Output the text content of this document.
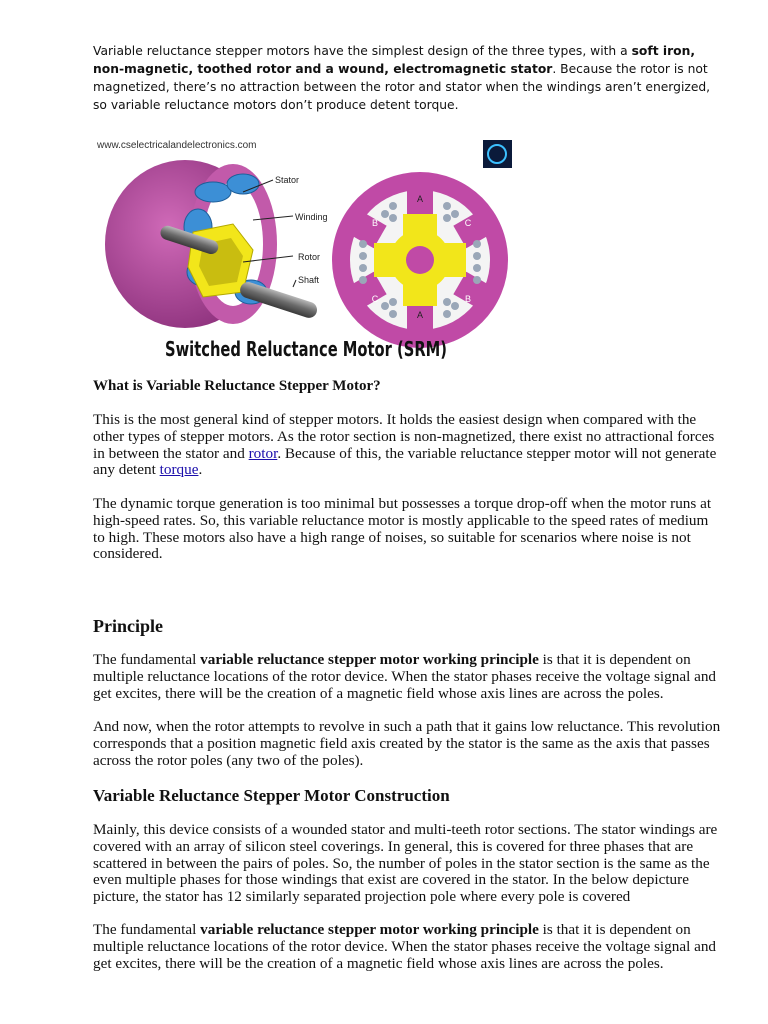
Variable reluctance stepper motors have the simplest design of the three types, with a soft iron, non-magnetic, toothed rotor and a wound, electromagnetic stator. Because the rotor is not magnetized, there’s no attraction between the rotor and stator when the windings aren’t energized, so variable reluctance motors don’t produce detent torque.
www.cselectricalandelectronics.com
Stator
Winding
Rotor
Shaft
A
A
B
B
C
C
Switched Reluctance Motor (SRM)
What is Variable Reluctance Stepper Motor?
This is the most general kind of stepper motors. It holds the easiest design when compared with the other types of stepper motors. As the rotor section is non-magnetized, there exist no attractional forces in between the stator and rotor. Because of this, the variable reluctance stepper motor will not generate any detent torque.
The dynamic torque generation is too minimal but possesses a torque drop-off when the motor runs at high-speed rates. So, this variable reluctance motor is mostly applicable to the speed rates of medium to high. These motors also have a high range of noises, so suitable for scenarios where noise is not considered.
Principle
The fundamental variable reluctance stepper motor working principle is that it is dependent on multiple reluctance locations of the rotor device. When the stator phases receive the voltage signal and get excites, there will be the creation of a magnetic field whose axis lines are across the poles.
And now, when the rotor attempts to revolve in such a path that it gains low reluctance. This revolution corresponds that a position magnetic field axis created by the stator is the same as the axis that passes across the rotor poles (any two of the poles).
Variable Reluctance Stepper Motor Construction
Mainly, this device consists of a wounded stator and multi-teeth rotor sections. The stator windings are covered with an array of silicon steel coverings. In general, this is covered for three phases that are scattered in between the pairs of poles. So, the number of poles in the stator section is the same as the even multiple phases for those windings that exist are covered in the stator. In the below depicture picture, the stator has 12 similarly separated projection pole where every pole is covered
The fundamental variable reluctance stepper motor working principle is that it is dependent on multiple reluctance locations of the rotor device. When the stator phases receive the voltage signal and get excites, there will be the creation of a magnetic field whose axis lines are across the poles.
